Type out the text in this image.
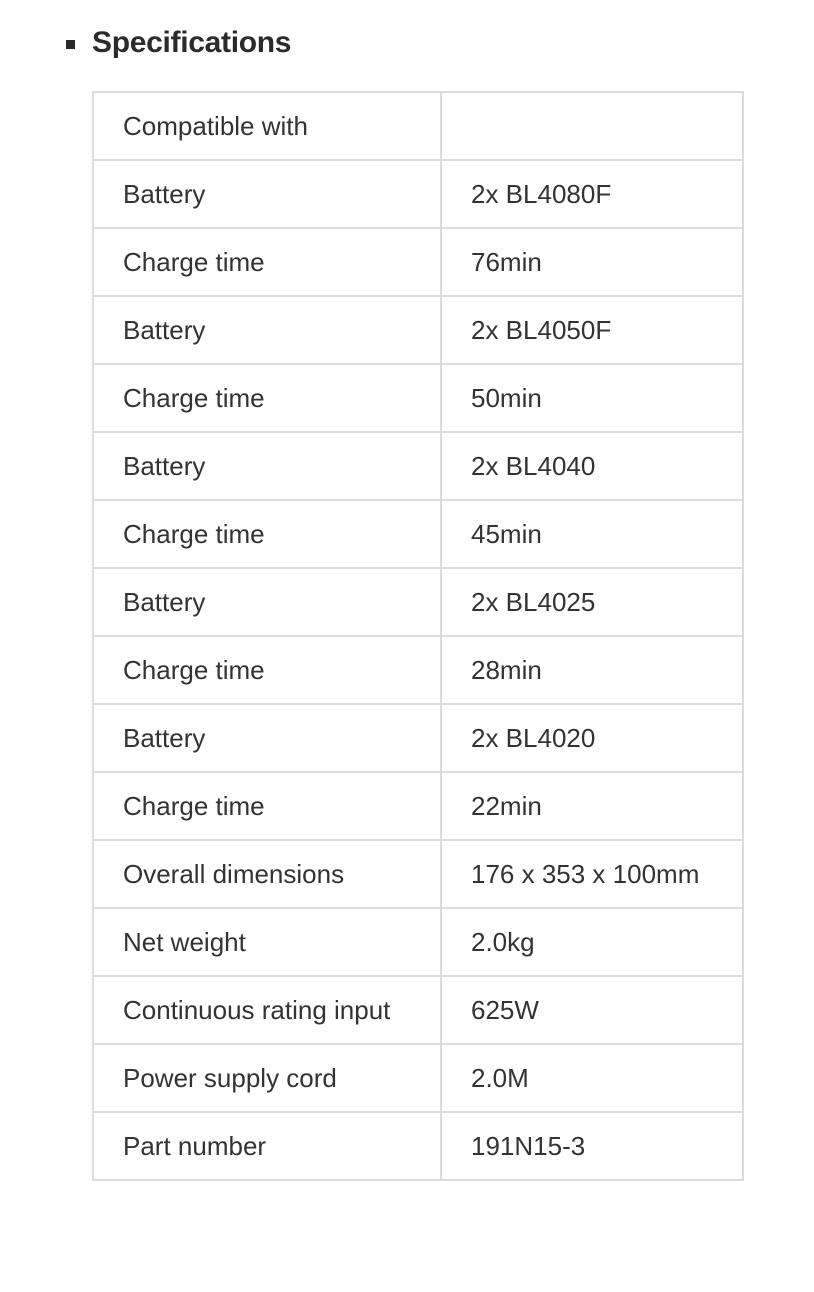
Specifications
Compatible with	
Battery	2x BL4080F
Charge time	76min
Battery	2x BL4050F
Charge time	50min
Battery	2x BL4040
Charge time	45min
Battery	2x BL4025
Charge time	28min
Battery	2x BL4020
Charge time	22min
Overall dimensions	176 x 353 x 100mm
Net weight	2.0kg
Continuous rating input	625W
Power supply cord	2.0M
Part number	191N15-3
